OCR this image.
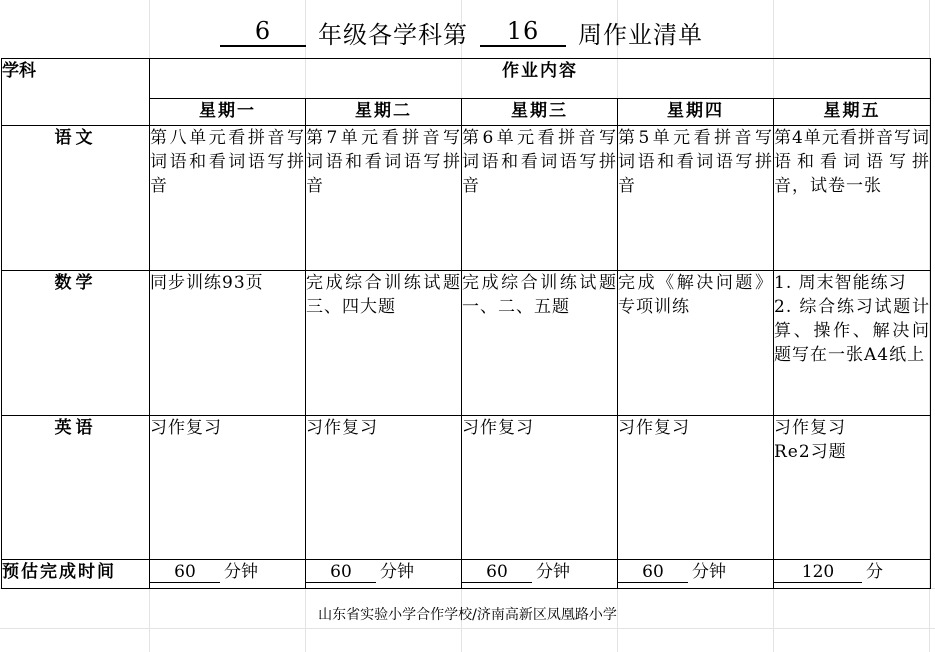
6	年级各学科第	16	周作业清单
学科	作业内容				
	星期一	星期二	星期三	星期四	星期五
语文	第八单元看拼音写词语和看词语写拼音	第7单元看拼音写词语和看词语写拼音	第6单元看拼音写词语和看词语写拼音	第5单元看拼音写词语和看词语写拼音	第4单元看拼音写词语和看词语写拼音，试卷一张
数学	同步训练93页	完成综合训练试题三、四大题	完成综合训练试题一、二、五题	完成《解决问题》专项训练	1. 周末智能练习
2. 综合练习试题计算、操作、解决问题写在一张A4纸上
英语	习作复习	习作复习	习作复习	习作复习	习作复习
Re2习题
预估完成时间	60 分钟	60 分钟	60 分钟	60 分钟	120 分
山东省实验小学合作学校/济南高新区凤凰路小学
